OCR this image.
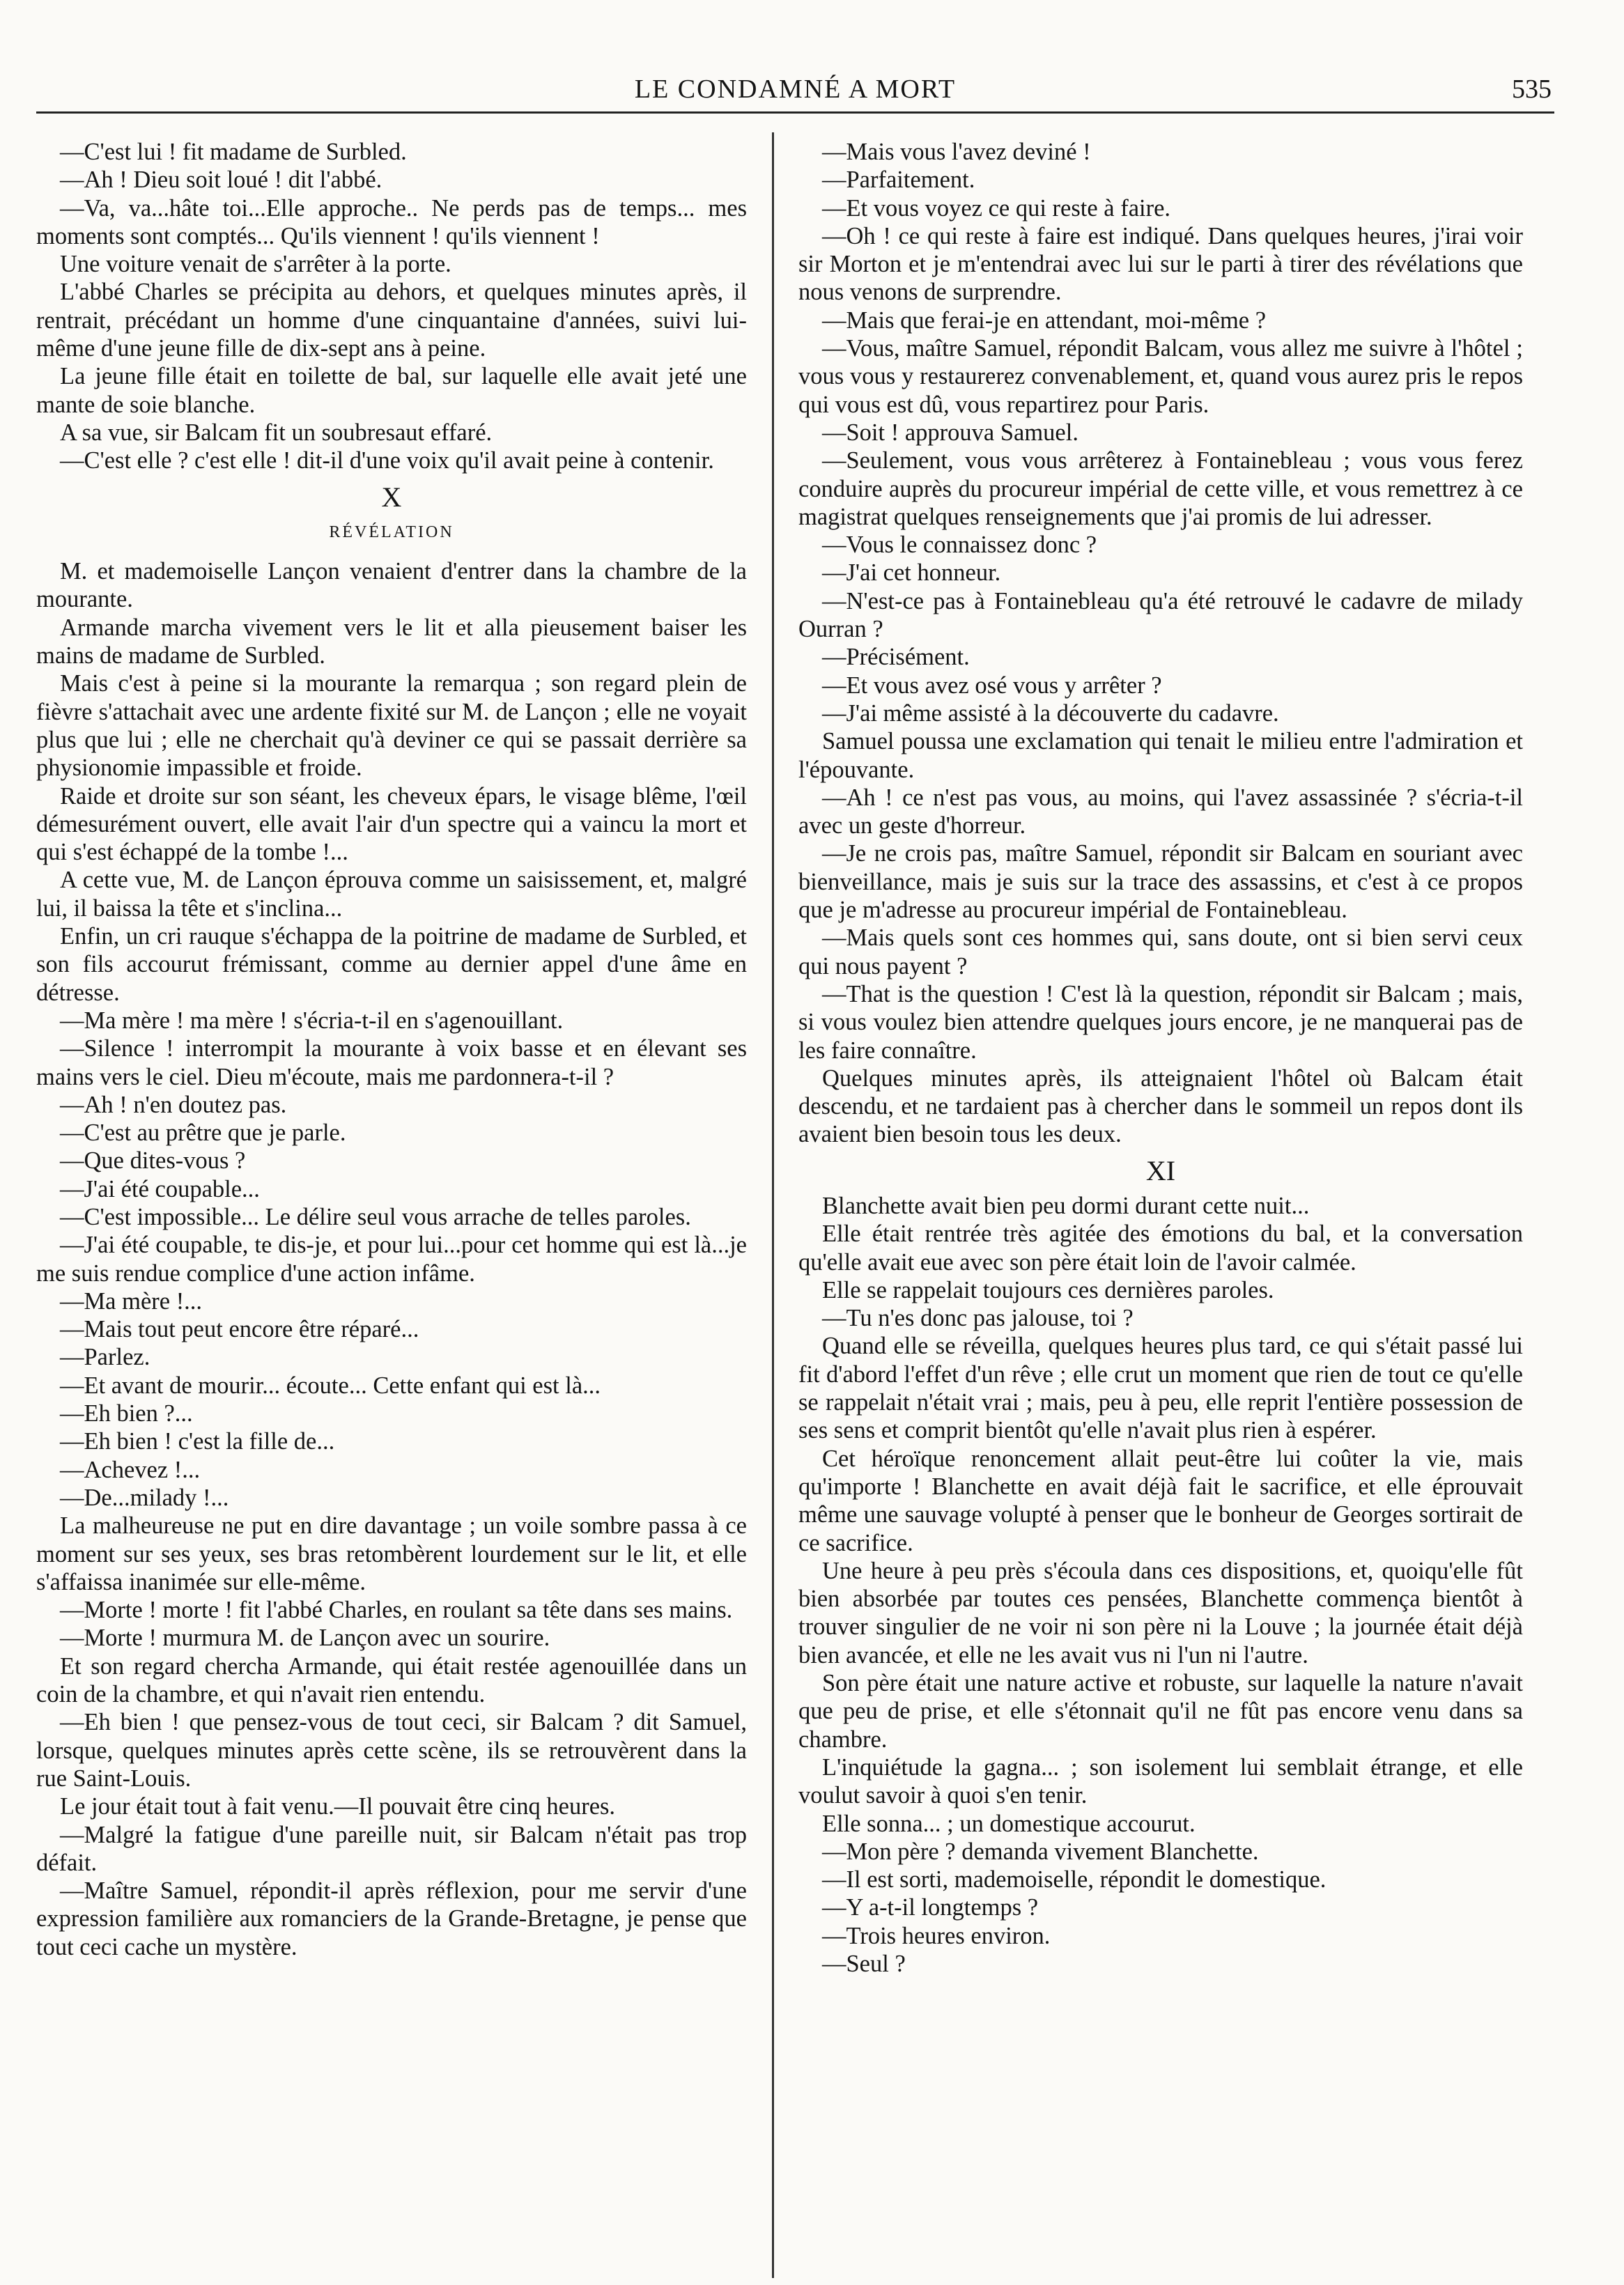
LE CONDAMNÉ A MORT	535

—C'est lui ! fit madame de Surbled.

—Ah ! Dieu soit loué ! dit l'abbé.

—Va, va...hâte toi...Elle approche.. Ne perds pas de temps... mes moments sont comptés... Qu'ils viennent ! qu'ils viennent !

Une voiture venait de s'arrêter à la porte.

L'abbé Charles se précipita au dehors, et quelques minutes après, il rentrait, précédant un homme d'une cinquantaine d'années, suivi lui-même d'une jeune fille de dix-sept ans à peine.

La jeune fille était en toilette de bal, sur laquelle elle avait jeté une mante de soie blanche.

A sa vue, sir Balcam fit un soubresaut effaré.

—C'est elle ? c'est elle ! dit-il d'une voix qu'il avait peine à contenir.

X

RÉVÉLATION

M. et mademoiselle Lançon venaient d'entrer dans la chambre de la mourante.

Armande marcha vivement vers le lit et alla pieusement baiser les mains de madame de Surbled.

Mais c'est à peine si la mourante la remarqua ; son regard plein de fièvre s'attachait avec une ardente fixité sur M. de Lançon ; elle ne voyait plus que lui ; elle ne cherchait qu'à deviner ce qui se passait derrière sa physionomie impassible et froide.

Raide et droite sur son séant, les cheveux épars, le visage blême, l'œil démesurément ouvert, elle avait l'air d'un spectre qui a vaincu la mort et qui s'est échappé de la tombe !...

A cette vue, M. de Lançon éprouva comme un saisissement, et, malgré lui, il baissa la tête et s'inclina...

Enfin, un cri rauque s'échappa de la poitrine de madame de Surbled, et son fils accourut frémissant, comme au dernier appel d'une âme en détresse.

—Ma mère ! ma mère ! s'écria-t-il en s'agenouillant.

—Silence ! interrompit la mourante à voix basse et en élevant ses mains vers le ciel. Dieu m'écoute, mais me pardonnera-t-il ?

—Ah ! n'en doutez pas.

—C'est au prêtre que je parle.

—Que dites-vous ?

—J'ai été coupable...

—C'est impossible... Le délire seul vous arrache de telles paroles.

—J'ai été coupable, te dis-je, et pour lui...pour cet homme qui est là...je me suis rendue complice d'une action infâme.

—Ma mère !...

—Mais tout peut encore être réparé...

—Parlez.

—Et avant de mourir... écoute... Cette enfant qui est là...

—Eh bien ?...

—Eh bien ! c'est la fille de...

—Achevez !...

—De...milady !...

La malheureuse ne put en dire davantage ; un voile sombre passa à ce moment sur ses yeux, ses bras retombèrent lourdement sur le lit, et elle s'affaissa inanimée sur elle-même.

—Morte ! morte ! fit l'abbé Charles, en roulant sa tête dans ses mains.

—Morte ! murmura M. de Lançon avec un sourire.

Et son regard chercha Armande, qui était restée agenouillée dans un coin de la chambre, et qui n'avait rien entendu.

—Eh bien ! que pensez-vous de tout ceci, sir Balcam ? dit Samuel, lorsque, quelques minutes après cette scène, ils se retrouvèrent dans la rue Saint-Louis.

Le jour était tout à fait venu.—Il pouvait être cinq heures.

—Malgré la fatigue d'une pareille nuit, sir Balcam n'était pas trop défait.

—Maître Samuel, répondit-il après réflexion, pour me servir d'une expression familière aux romanciers de la Grande-Bretagne, je pense que tout ceci cache un mystère.

—Mais vous l'avez deviné !

—Parfaitement.

—Et vous voyez ce qui reste à faire.

—Oh ! ce qui reste à faire est indiqué. Dans quelques heures, j'irai voir sir Morton et je m'entendrai avec lui sur le parti à tirer des révélations que nous venons de surprendre.

—Mais que ferai-je en attendant, moi-même ?

—Vous, maître Samuel, répondit Balcam, vous allez me suivre à l'hôtel ; vous vous y restaurerez convenablement, et, quand vous aurez pris le repos qui vous est dû, vous repartirez pour Paris.

—Soit ! approuva Samuel.

—Seulement, vous vous arrêterez à Fontainebleau ; vous vous ferez conduire auprès du procureur impérial de cette ville, et vous remettrez à ce magistrat quelques renseignements que j'ai promis de lui adresser.

—Vous le connaissez donc ?

—J'ai cet honneur.

—N'est-ce pas à Fontainebleau qu'a été retrouvé le cadavre de milady Ourran ?

—Précisément.

—Et vous avez osé vous y arrêter ?

—J'ai même assisté à la découverte du cadavre.

Samuel poussa une exclamation qui tenait le milieu entre l'admiration et l'épouvante.

—Ah ! ce n'est pas vous, au moins, qui l'avez assassinée ? s'écria-t-il avec un geste d'horreur.

—Je ne crois pas, maître Samuel, répondit sir Balcam en souriant avec bienveillance, mais je suis sur la trace des assassins, et c'est à ce propos que je m'adresse au procureur impérial de Fontainebleau.

—Mais quels sont ces hommes qui, sans doute, ont si bien servi ceux qui nous payent ?

—That is the question ! C'est là la question, répondit sir Balcam ; mais, si vous voulez bien attendre quelques jours encore, je ne manquerai pas de les faire connaître.

Quelques minutes après, ils atteignaient l'hôtel où Balcam était descendu, et ne tardaient pas à chercher dans le sommeil un repos dont ils avaient bien besoin tous les deux.

XI

Blanchette avait bien peu dormi durant cette nuit...

Elle était rentrée très agitée des émotions du bal, et la conversation qu'elle avait eue avec son père était loin de l'avoir calmée.

Elle se rappelait toujours ces dernières paroles.

—Tu n'es donc pas jalouse, toi ?

Quand elle se réveilla, quelques heures plus tard, ce qui s'était passé lui fit d'abord l'effet d'un rêve ; elle crut un moment que rien de tout ce qu'elle se rappelait n'était vrai ; mais, peu à peu, elle reprit l'entière possession de ses sens et comprit bientôt qu'elle n'avait plus rien à espérer.

Cet héroïque renoncement allait peut-être lui coûter la vie, mais qu'importe ! Blanchette en avait déjà fait le sacrifice, et elle éprouvait même une sauvage volupté à penser que le bonheur de Georges sortirait de ce sacrifice.

Une heure à peu près s'écoula dans ces dispositions, et, quoiqu'elle fût bien absorbée par toutes ces pensées, Blanchette commença bientôt à trouver singulier de ne voir ni son père ni la Louve ; la journée était déjà bien avancée, et elle ne les avait vus ni l'un ni l'autre.

Son père était une nature active et robuste, sur laquelle la nature n'avait que peu de prise, et elle s'étonnait qu'il ne fût pas encore venu dans sa chambre.

L'inquiétude la gagna... ; son isolement lui semblait étrange, et elle voulut savoir à quoi s'en tenir.

Elle sonna... ; un domestique accourut.

—Mon père ? demanda vivement Blanchette.

—Il est sorti, mademoiselle, répondit le domestique.

—Y a-t-il longtemps ?

—Trois heures environ.

—Seul ?
